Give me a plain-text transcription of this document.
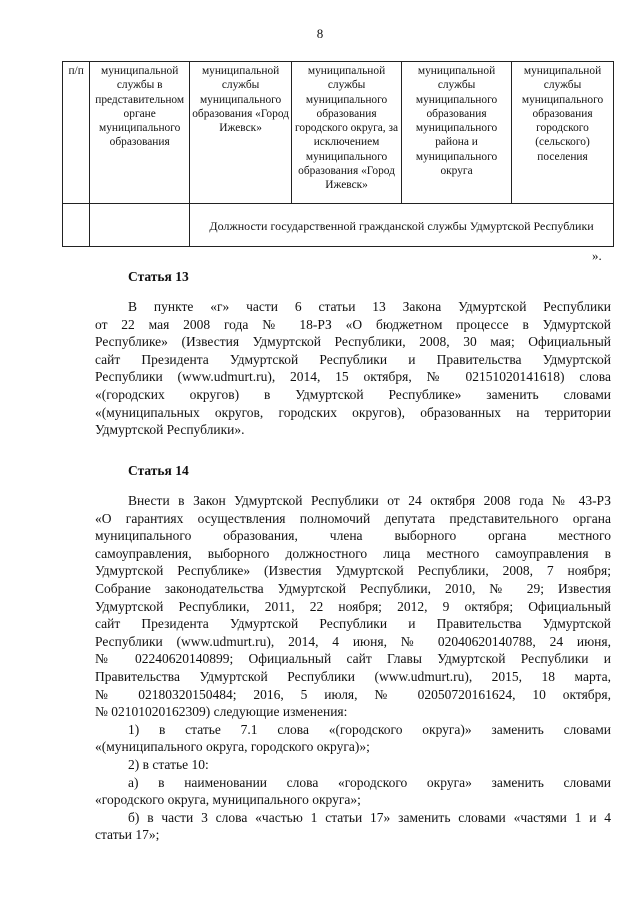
8
п/п	муниципальной службы в представительном органе муниципального образования	муниципальной службы муниципального образования «Город Ижевск»	муниципальной службы муниципального образования городского округа, за исключением муниципального образования «Город Ижевск»	муниципальной службы муниципального образования муниципального района и муниципального округа	муниципальной службы муниципального образования городского (сельского) поселения
		Должности государственной гражданской службы Удмуртской Республики			
».
Статья 13
В пункте «г» части 6 статьи 13 Закона Удмуртской Республики
от 22 мая 2008 года № 18-РЗ «О бюджетном процессе в Удмуртской
Республике» (Известия Удмуртской Республики, 2008, 30 мая; Официальный
сайт Президента Удмуртской Республики и Правительства Удмуртской
Республики (www.udmurt.ru), 2014, 15 октября, № 02151020141618) слова
«(городских округов) в Удмуртской Республике» заменить словами
«(муниципальных округов, городских округов), образованных на территории
Удмуртской Республики».
Статья 14
Внести в Закон Удмуртской Республики от 24 октября 2008 года № 43-РЗ
«О гарантиях осуществления полномочий депутата представительного органа
муниципального образования, члена выборного органа местного
самоуправления, выборного должностного лица местного самоуправления в
Удмуртской Республике» (Известия Удмуртской Республики, 2008, 7 ноября;
Собрание законодательства Удмуртской Республики, 2010, № 29; Известия
Удмуртской Республики, 2011, 22 ноября; 2012, 9 октября; Официальный
сайт Президента Удмуртской Республики и Правительства Удмуртской
Республики (www.udmurt.ru), 2014, 4 июня, № 02040620140788, 24 июня,
№ 02240620140899; Официальный сайт Главы Удмуртской Республики и
Правительства Удмуртской Республики (www.udmurt.ru), 2015, 18 марта,
№ 02180320150484; 2016, 5 июля, № 02050720161624, 10 октября,
№ 02101020162309) следующие изменения:
1) в статье 7.1 слова «(городского округа)» заменить словами
«(муниципального округа, городского округа)»;
2) в статье 10:
а) в наименовании слова «городского округа» заменить словами
«городского округа, муниципального округа»;
б) в части 3 слова «частью 1 статьи 17» заменить словами «частями 1 и 4
статьи 17»;
